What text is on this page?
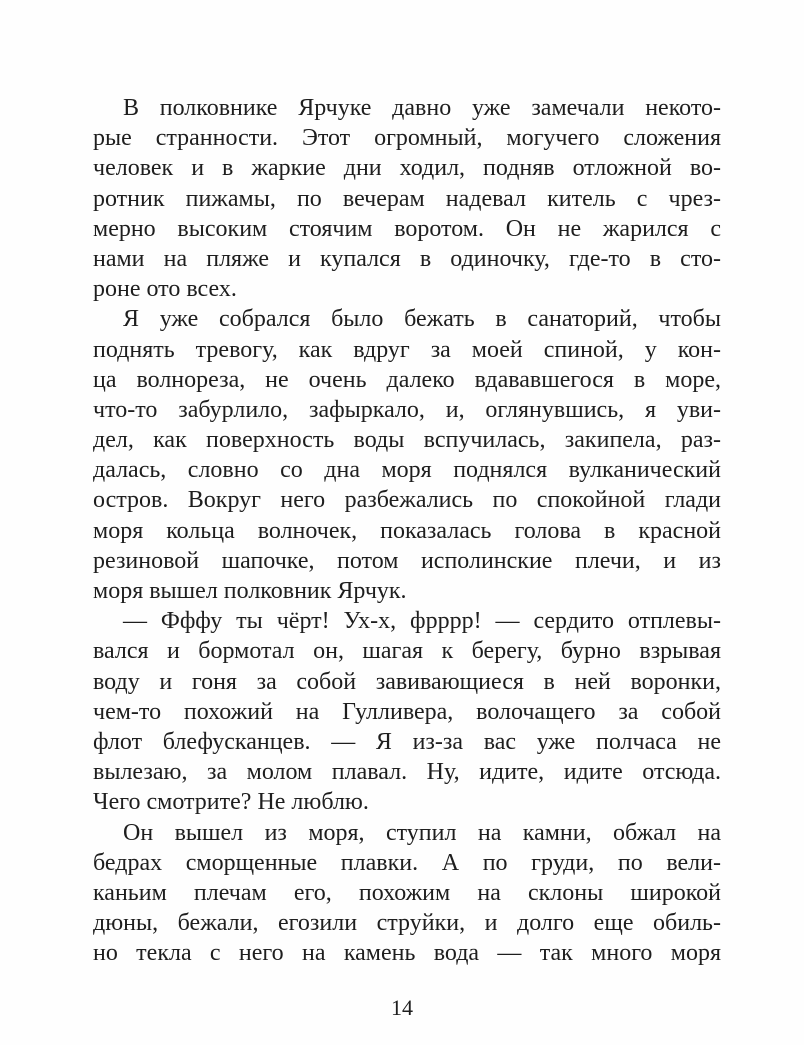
В полковнике Ярчуке давно уже замечали некото-
рые странности. Этот огромный, могучего сложения
человек и в жаркие дни ходил, подняв отложной во-
ротник пижамы, по вечерам надевал китель с чрез-
мерно высоким стоячим воротом. Он не жарился с
нами на пляже и купался в одиночку, где-то в сто-
роне ото всех.
Я уже собрался было бежать в санаторий, чтобы
поднять тревогу, как вдруг за моей спиной, у кон-
ца волнореза, не очень далеко вдававшегося в море,
что-то забурлило, зафыркало, и, оглянувшись, я уви-
дел, как поверхность воды вспучилась, закипела, раз-
далась, словно со дна моря поднялся вулканический
остров. Вокруг него разбежались по спокойной глади
моря кольца волночек, показалась голова в красной
резиновой шапочке, потом исполинские плечи, и из
моря вышел полковник Ярчук.
— Фффу ты чёрт! Ух-х, фрррр! — сердито отплевы-
вался и бормотал он, шагая к берегу, бурно взрывая
воду и гоня за собой завивающиеся в ней воронки,
чем-то похожий на Гулливера, волочащего за собой
флот блефусканцев. — Я из-за вас уже полчаса не
вылезаю, за молом плавал. Ну, идите, идите отсюда.
Чего смотрите? Не люблю.
Он вышел из моря, ступил на камни, обжал на
бедрах сморщенные плавки. А по груди, по вели-
каньим плечам его, похожим на склоны широкой
дюны, бежали, егозили струйки, и долго еще обиль-
но текла с него на камень вода — так много моря
14
